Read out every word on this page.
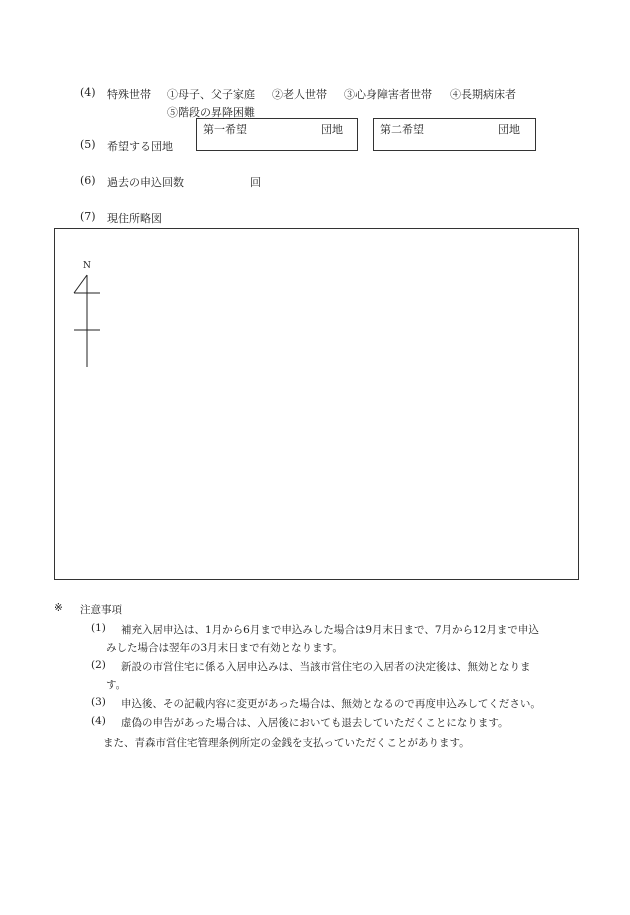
(4) 特殊世帯 ①母子、父子家庭 ②老人世帯 ③心身障害者世帯 ④長期病床者
⑤階段の昇降困難
(5) 希望する団地
第一希望	団地	第二希望	団地
(6) 過去の申込回数	回
(7) 現住所略図
N
※ 注意事項
(1) 補充入居申込は、1月から6月まで申込みした場合は9月末日まで、7月から12月まで申込
みした場合は翌年の3月末日まで有効となります。
(2) 新設の市営住宅に係る入居申込みは、当該市営住宅の入居者の決定後は、無効となりま
す。
(3) 申込後、その記載内容に変更があった場合は、無効となるので再度申込みしてください。
(4) 虚偽の申告があった場合は、入居後においても退去していただくことになります。
また、青森市営住宅管理条例所定の金銭を支払っていただくことがあります。
